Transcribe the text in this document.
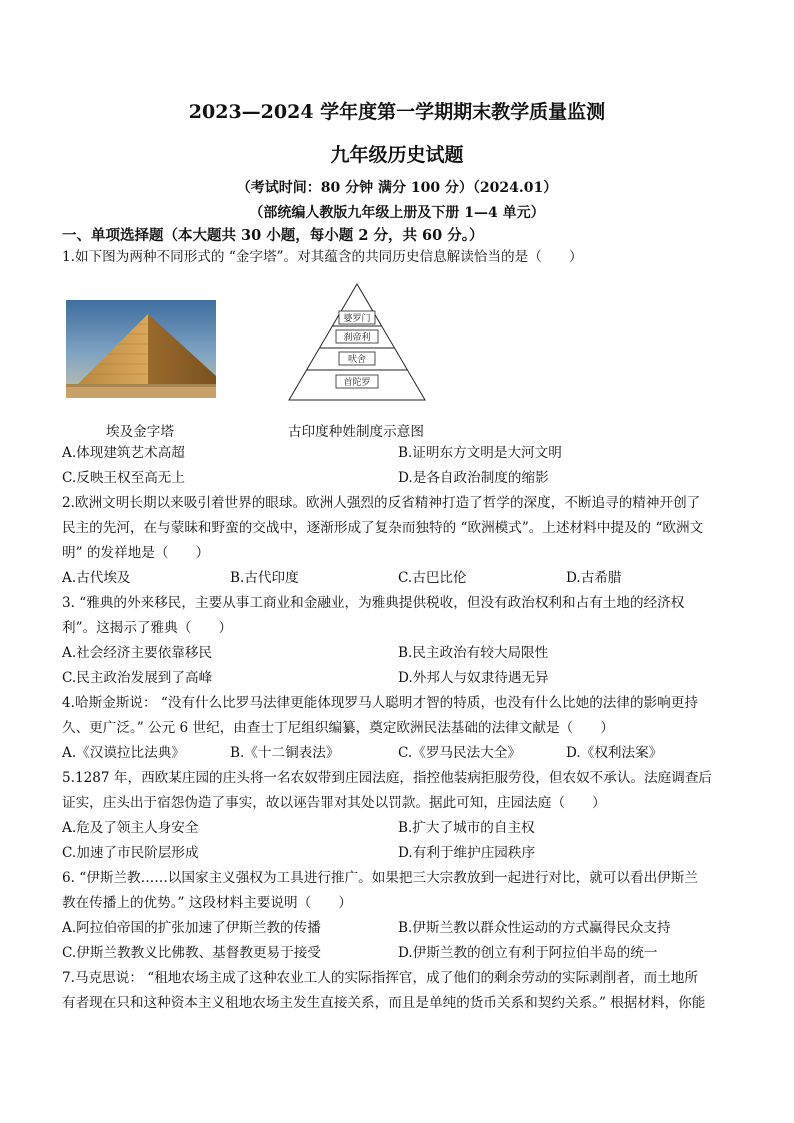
2023—2024 学年度第一学期期末教学质量监测
九年级历史试题
（考试时间：80 分钟 满分 100 分）（2024.01）
（部统编人教版九年级上册及下册 1—4 单元）
一、单项选择题（本大题共 30 小题，每小题 2 分，共 60 分。）
1.如下图为两种不同形式的 “金字塔”。对其蕴含的共同历史信息解读恰当的是（　　）
婆罗门
刹帝利
吠舍
首陀罗
埃及金字塔	古印度种姓制度示意图
A.体现建筑艺术高超	B.证明东方文明是大河文明
C.反映王权至高无上	D.是各自政治制度的缩影
2.欧洲文明长期以来吸引着世界的眼球。欧洲人强烈的反省精神打造了哲学的深度，不断追寻的精神开创了
民主的先河，在与蒙昧和野蛮的交战中，逐渐形成了复杂而独特的 “欧洲模式”。上述材料中提及的 “欧洲文
明” 的发祥地是（　　）
A.古代埃及	B.古代印度	C.古巴比伦	D.古希腊
3. “雅典的外来移民，主要从事工商业和金融业，为雅典提供税收，但没有政治权利和占有土地的经济权
利”。这揭示了雅典（　　）
A.社会经济主要依靠移民	B.民主政治有较大局限性
C.民主政治发展到了高峰	D.外邦人与奴隶待遇无异
4.哈斯金斯说： “没有什么比罗马法律更能体现罗马人聪明才智的特质，也没有什么比她的法律的影响更持
久、更广泛。” 公元 6 世纪，由查士丁尼组织编纂，奠定欧洲民法基础的法律文献是（　　）
A.《汉谟拉比法典》	B.《十二铜表法》	C.《罗马民法大全》	D.《权利法案》
5.1287 年，西欧某庄园的庄头将一名农奴带到庄园法庭，指控他装病拒服劳役，但农奴不承认。法庭调查后
证实，庄头出于宿怨伪造了事实，故以诬告罪对其处以罚款。据此可知，庄园法庭（　　）
A.危及了领主人身安全	B.扩大了城市的自主权
C.加速了市民阶层形成	D.有利于维护庄园秩序
6. “伊斯兰教……以国家主义强权为工具进行推广。如果把三大宗教放到一起进行对比，就可以看出伊斯兰
教在传播上的优势。” 这段材料主要说明（　　）
A.阿拉伯帝国的扩张加速了伊斯兰教的传播	B.伊斯兰教以群众性运动的方式赢得民众支持
C.伊斯兰教教义比佛教、基督教更易于接受	D.伊斯兰教的创立有利于阿拉伯半岛的统一
7.马克思说： “租地农场主成了这种农业工人的实际指挥官，成了他们的剩余劳动的实际剥削者，而土地所
有者现在只和这种资本主义租地农场主发生直接关系，而且是单纯的货币关系和契约关系。” 根据材料，你能
